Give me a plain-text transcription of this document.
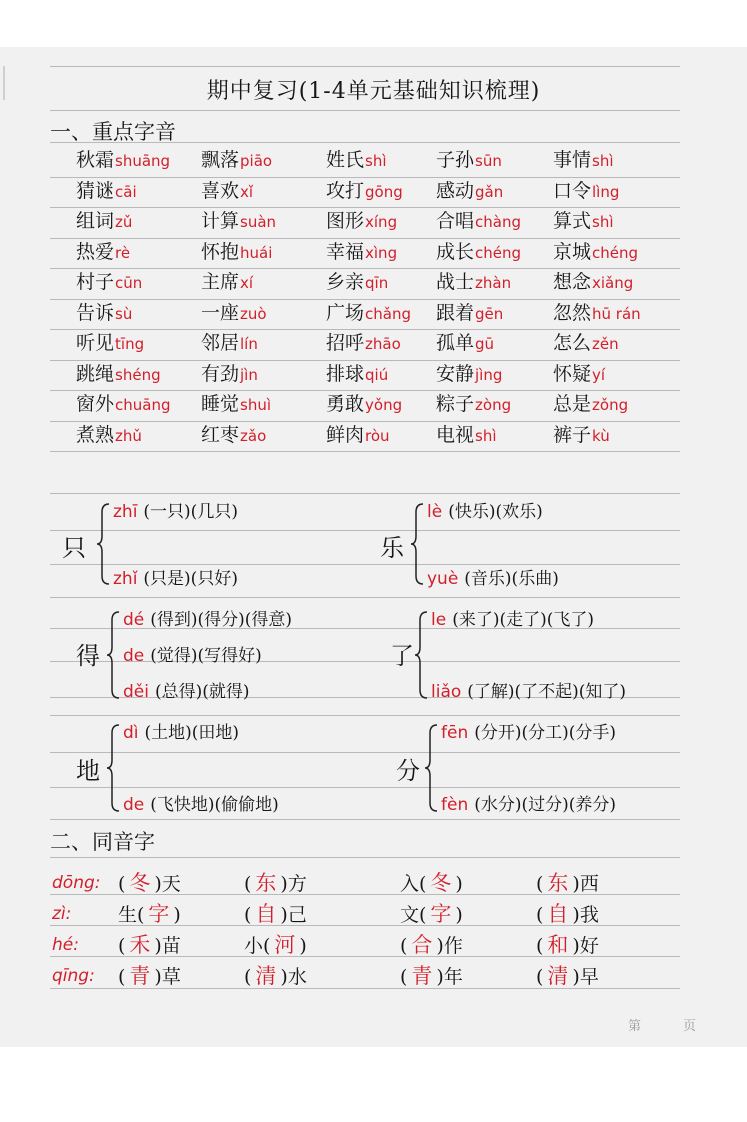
期中复习(1-4单元基础知识梳理)
一、重点字音
秋霜shuāng 飘落piāo	姓氏shì	子孙sūn	事情shì
猜谜cāi	喜欢xǐ	攻打gōng 感动gǎn	口令lìng
组词zǔ	计算suàn	图形xíng 合唱chàng 算式shì
热爱rè	怀抱huái	幸福xìng 成长chéng 京城chéng
村子cūn	主席xí	乡亲qīn	战士zhàn 想念xiǎng
告诉sù	一座zuò	广场chǎng 跟着gēn	忽然hū rán
听见tīng	邻居lín	招呼zhāo 孤单gū	怎么zěn
跳绳shéng 有劲jìn	排球qiú	安静jìng	怀疑yí
窗外chuāng 睡觉shuì	勇敢yǒng 粽子zòng 总是zǒng
煮熟zhǔ	红枣zǎo	鲜肉ròu 电视shì	裤子kù
只
zhī (一只)(几只)
zhǐ (只是)(只好)
乐
lè (快乐)(欢乐)
yuè (音乐)(乐曲)
得
dé (得到)(得分)(得意)
de (觉得)(写得好)
děi (总得)(就得)
了
le (来了)(走了)(飞了)
liǎo (了解)(了不起)(知了)
地
dì (土地)(田地)
de (飞快地)(偷偷地)
分
fēn (分开)(分工)(分手)
fèn (水分)(过分)(养分)
二、同音字
dōng: ( 冬 )天	( 东 )方	入( 冬 )	( 东 )西
zì: 生( 字 )	( 自 )己	文( 字 )	( 自 )我
hé: ( 禾 )苗	小( 河 )	( 合 )作	( 和 )好
qīng: ( 青 )草	( 清 )水	( 青 )年	( 清 )早
第	页
